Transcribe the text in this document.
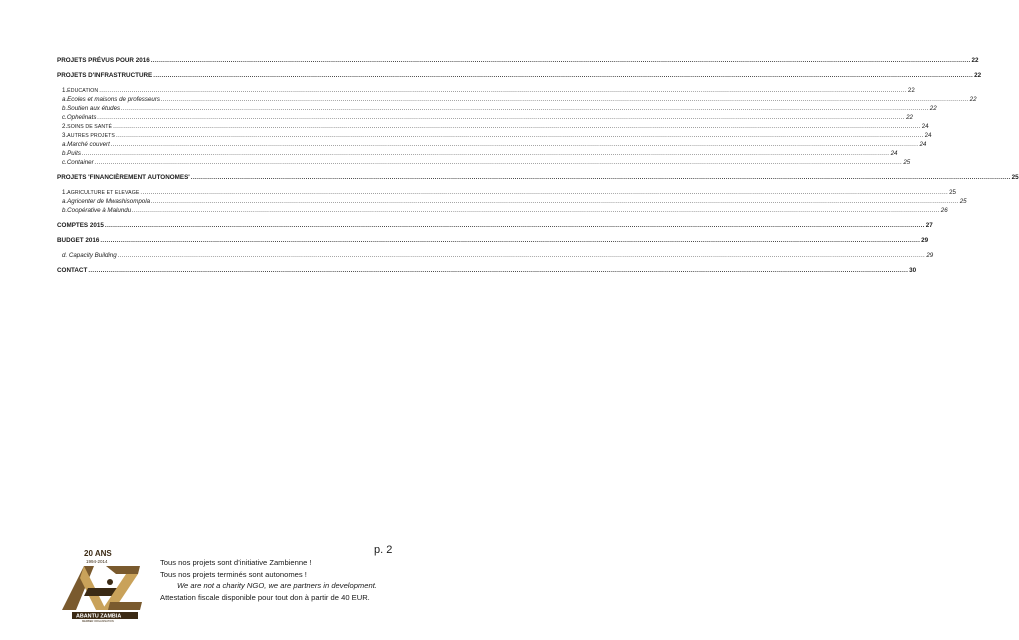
PROJETS PRÉVUS POUR 2016 ................................................................................................................................................................................................................................................................................................................................................................................................................ 22
PROJETS D'INFRASTRUCTURE ................................................................................................................................................................................................................................................................................................................................................................................................................ 22
1. ÉDUCATION ................................................................................................................................................................................................................................................................................................................................................................................................................ 22
a. Ecoles et maisons de professeurs ................................................................................................................................................................................................................................................................................................................................................................................................................ 22
b. Soutien aux études ................................................................................................................................................................................................................................................................................................................................................................................................................ 22
c. Ophelinats ................................................................................................................................................................................................................................................................................................................................................................................................................ 22
2. SOINS DE SANTÉ ................................................................................................................................................................................................................................................................................................................................................................................................................ 24
3. AUTRES PROJETS ................................................................................................................................................................................................................................................................................................................................................................................................................ 24
a. Marché couvert ................................................................................................................................................................................................................................................................................................................................................................................................................ 24
b. Puits ................................................................................................................................................................................................................................................................................................................................................................................................................ 24
c. Container ................................................................................................................................................................................................................................................................................................................................................................................................................ 25
PROJETS 'FINANCIÈREMENT AUTONOMES' ................................................................................................................................................................................................................................................................................................................................................................................................................ 25
1. AGRICULTURE ET ELEVAGE ................................................................................................................................................................................................................................................................................................................................................................................................................ 25
a. Agricenter de Mwashisompola ................................................................................................................................................................................................................................................................................................................................................................................................................ 25
b. Coopérative à Malundu ................................................................................................................................................................................................................................................................................................................................................................................................................ 26
COMPTES 2015 ................................................................................................................................................................................................................................................................................................................................................................................................................ 27
BUDGET 2016 ................................................................................................................................................................................................................................................................................................................................................................................................................ 29
d. Capacity Building ................................................................................................................................................................................................................................................................................................................................................................................................................ 29
CONTACT ................................................................................................................................................................................................................................................................................................................................................................................................................ 30
20 ANS
1994-2014
ABANTU ZAMBIA
MEMBER ORGANISATION
p. 2
Tous nos projets sont d’initiative Zambienne !
Tous nos projets terminés sont autonomes !
We are not a charity NGO, we are partners in development.
Attestation fiscale disponible pour tout don à partir de 40 EUR.
